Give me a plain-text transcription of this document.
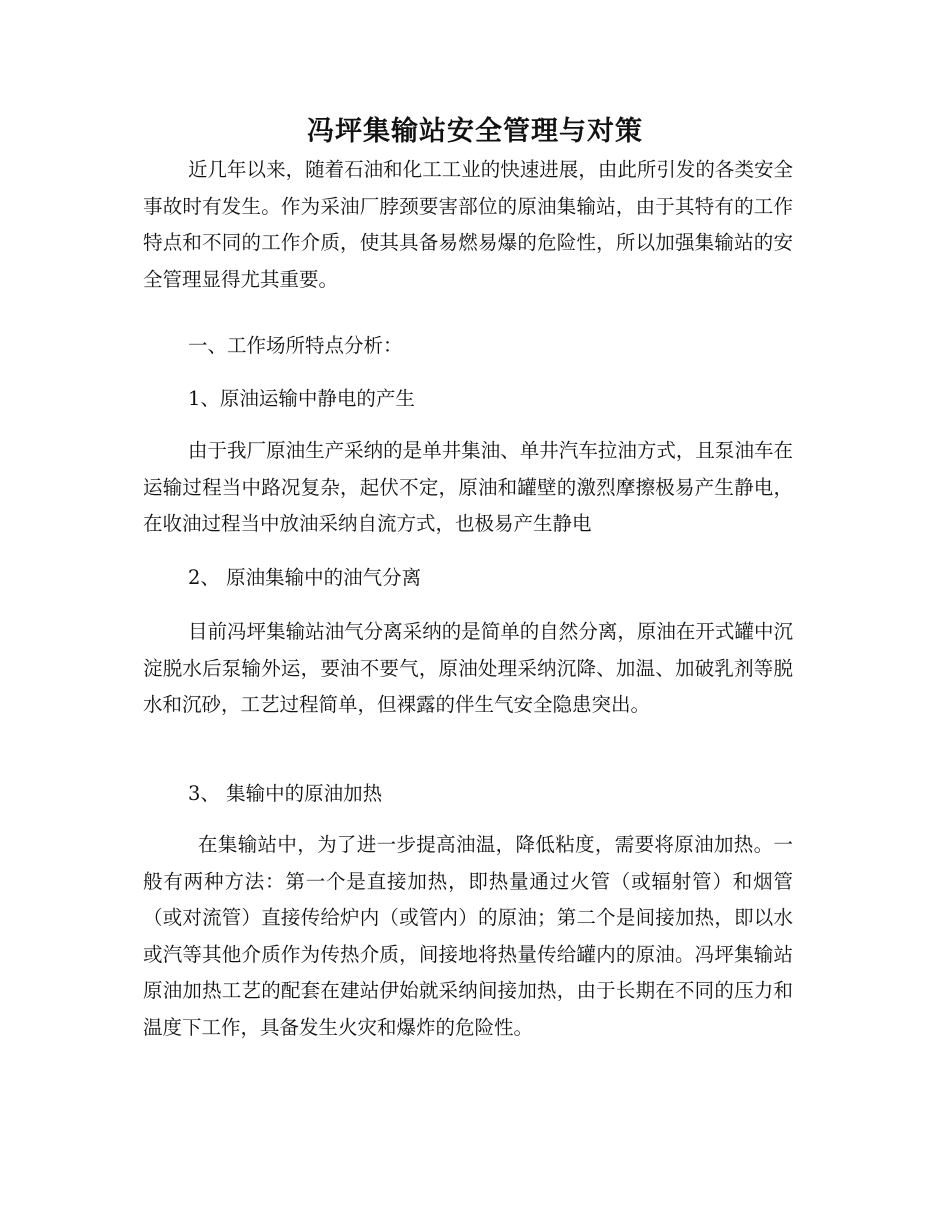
冯坪集输站安全管理与对策

近几年以来，随着石油和化工工业的快速进展，由此所引发的各类安全事故时有发生。作为采油厂脖颈要害部位的原油集输站，由于其特有的工作特点和不同的工作介质，使其具备易燃易爆的危险性，所以加强集输站的安全管理显得尤其重要。

一、工作场所特点分析：

1、原油运输中静电的产生

由于我厂原油生产采纳的是单井集油、单井汽车拉油方式，且泵油车在运输过程当中路况复杂，起伏不定，原油和罐壁的激烈摩擦极易产生静电，在收油过程当中放油采纳自流方式，也极易产生静电

2、 原油集输中的油气分离

目前冯坪集输站油气分离采纳的是简单的自然分离，原油在开式罐中沉淀脱水后泵输外运，要油不要气，原油处理采纳沉降、加温、加破乳剂等脱水和沉砂，工艺过程简单，但裸露的伴生气安全隐患突出。

3、 集输中的原油加热

在集输站中，为了进一步提高油温，降低粘度，需要将原油加热。一般有两种方法：第一个是直接加热，即热量通过火管（或辐射管）和烟管（或对流管）直接传给炉内（或管内）的原油；第二个是间接加热，即以水或汽等其他介质作为传热介质，间接地将热量传给罐内的原油。冯坪集输站原油加热工艺的配套在建站伊始就采纳间接加热，由于长期在不同的压力和温度下工作，具备发生火灾和爆炸的危险性。
